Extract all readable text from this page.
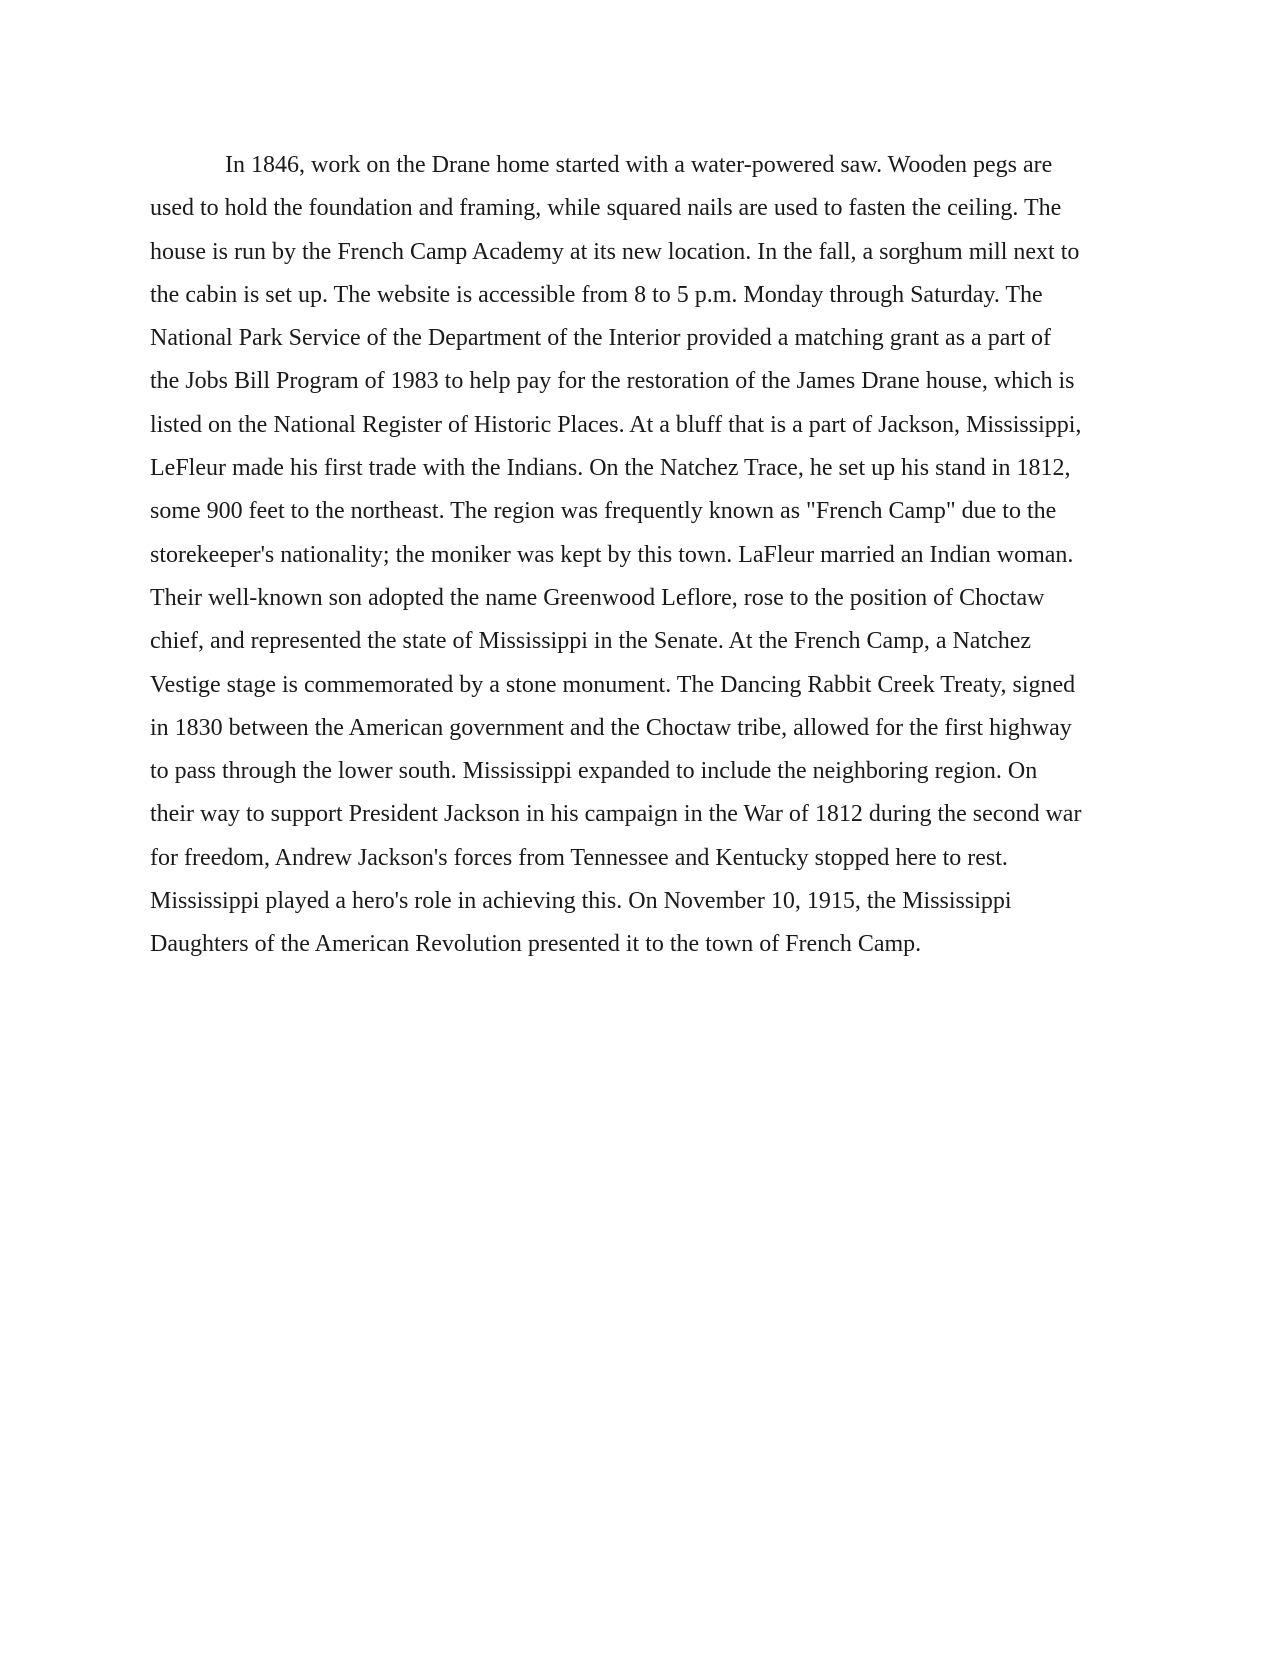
In 1846, work on the Drane home started with a water-powered saw. Wooden pegs are
used to hold the foundation and framing, while squared nails are used to fasten the ceiling. The
house is run by the French Camp Academy at its new location. In the fall, a sorghum mill next to
the cabin is set up. The website is accessible from 8 to 5 p.m. Monday through Saturday. The
National Park Service of the Department of the Interior provided a matching grant as a part of
the Jobs Bill Program of 1983 to help pay for the restoration of the James Drane house, which is
listed on the National Register of Historic Places. At a bluff that is a part of Jackson, Mississippi,
LeFleur made his first trade with the Indians. On the Natchez Trace, he set up his stand in 1812,
some 900 feet to the northeast. The region was frequently known as "French Camp" due to the
storekeeper's nationality; the moniker was kept by this town. LaFleur married an Indian woman.
Their well-known son adopted the name Greenwood Leflore, rose to the position of Choctaw
chief, and represented the state of Mississippi in the Senate. At the French Camp, a Natchez
Vestige stage is commemorated by a stone monument. The Dancing Rabbit Creek Treaty, signed
in 1830 between the American government and the Choctaw tribe, allowed for the first highway
to pass through the lower south. Mississippi expanded to include the neighboring region. On
their way to support President Jackson in his campaign in the War of 1812 during the second war
for freedom, Andrew Jackson's forces from Tennessee and Kentucky stopped here to rest.
Mississippi played a hero's role in achieving this. On November 10, 1915, the Mississippi
Daughters of the American Revolution presented it to the town of French Camp.
